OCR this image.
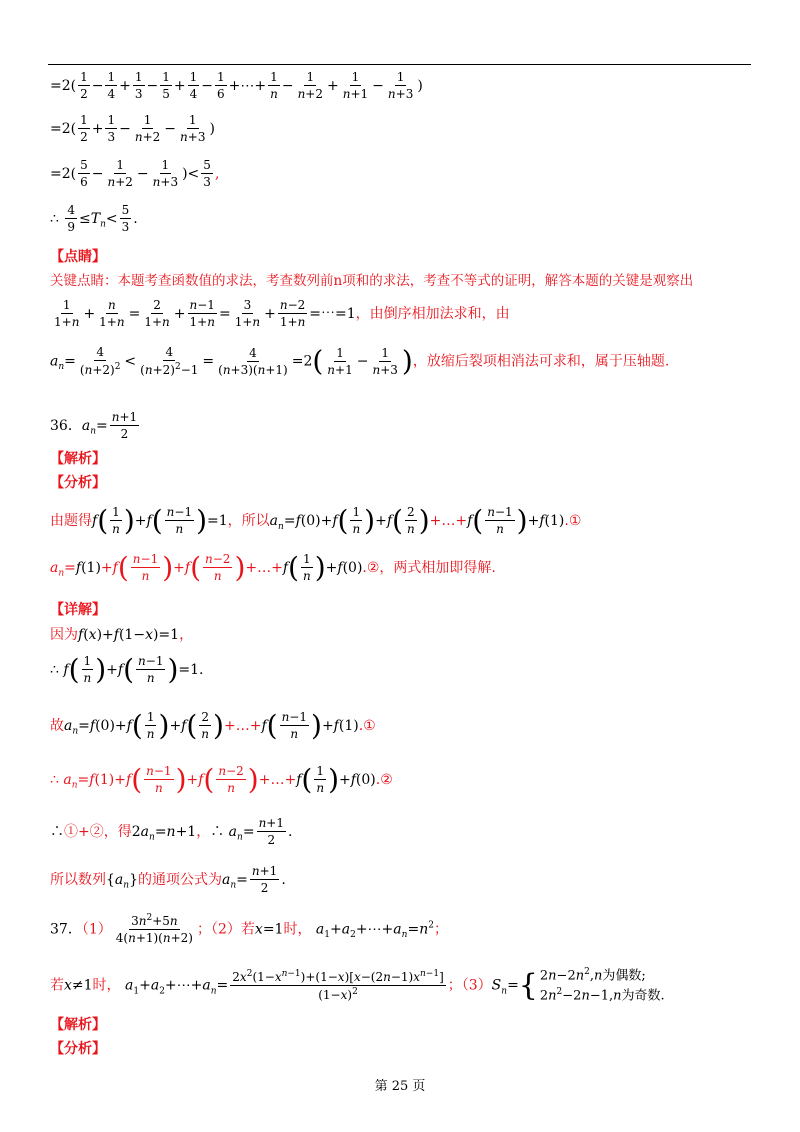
$=2( \frac{1}{2} - \frac{1}{4} + \frac{1}{3} - \frac{1}{5} + \frac{1}{4} - \frac{1}{6}$ +⋯+ $\frac{1}{n} - \frac{1}{n+2} + \frac{1}{n+1} - \frac{1}{n+3}$ )
$=2( \frac{1}{2} + \frac{1}{3} - \frac{1}{n+2} - \frac{1}{n+3}$ )
$=2( \frac{5}{6} - \frac{1}{n+2} - \frac{1}{n+3}$ )< $\frac{5}{3}$ ,
∴ $\frac{4}{9} \le T_n< \frac{5}{3}$ .
【点睛】
关键点睛：本题考查函数值的求法，考查数列前n项和的求法，考查不等式的证明，解答本题的关键是观察出
$\frac{1}{1+n} + \frac{n}{1+n} = \frac{2}{1+n} + \frac{n-1}{1+n} = \frac{3}{1+n} + \frac{n-2}{1+n}$ =⋯=1，由倒序相加法求和，由
$a_n= \frac{4}{(n+2)^2} < \frac{4}{(n+2)^2-1} = \frac{4}{(n+3)(n+1)} =2( \frac{1}{n+1} - \frac{1}{n+3}$ )，放缩后裂项相消法可求和，属于压轴题.
36．$a_n= \frac{n+1}{2}$
【解析】
【分析】
由题得$f( \frac{1}{n} )+f( \frac{n-1}{n} )=1$，所以$a_n=f(0)+f( \frac{1}{n} )+f( \frac{2}{n}$ )+…+f( $\frac{n-1}{n}$ )+f(1).①
$a_n=f(1)+f( \frac{n-1}{n} )+f( \frac{n-2}{n}$ )+…+f( $\frac{1}{n}$ )+f(0).②，两式相加即得解.
【详解】
因为f(x)+f(1−x)=1，
∴ $f( \frac{1}{n} )+f( \frac{n-1}{n} )=1$.
故$a_n=f(0)+f( \frac{1}{n} )+f( \frac{2}{n}$ )+…+f( $\frac{n-1}{n}$ )+f(1).①
∴ $a_n=f(1)+f( \frac{n-1}{n} )+f( \frac{n-2}{n}$ )+…+f( $\frac{1}{n}$ )+f(0).②
∴①+②，得$2a_n=n+1$，∴ $a_n= \frac{n+1}{2}$ .
所以数列$\{a_n\}$的通项公式为$a_n= \frac{n+1}{2}$ .
37．$(1) \frac{3n^2+5n}{4(n+1)(n+2)}$ ；（2）若x=1时， $a_1+a_2+\cdots+a_n=n^2$；
若x≠1时， $a_1+a_2+\cdots+a_n= \frac{2x^2(1-x^{n-1})+(1-x)[x-(2n-1)x^{n-1}]}{(1-x)^2}$ ；$(3)S_n=$ { $2n-2n^2,n$为偶数;
$2n^2-2n-1,n$为奇数.
【解析】
【分析】
第 25 页
